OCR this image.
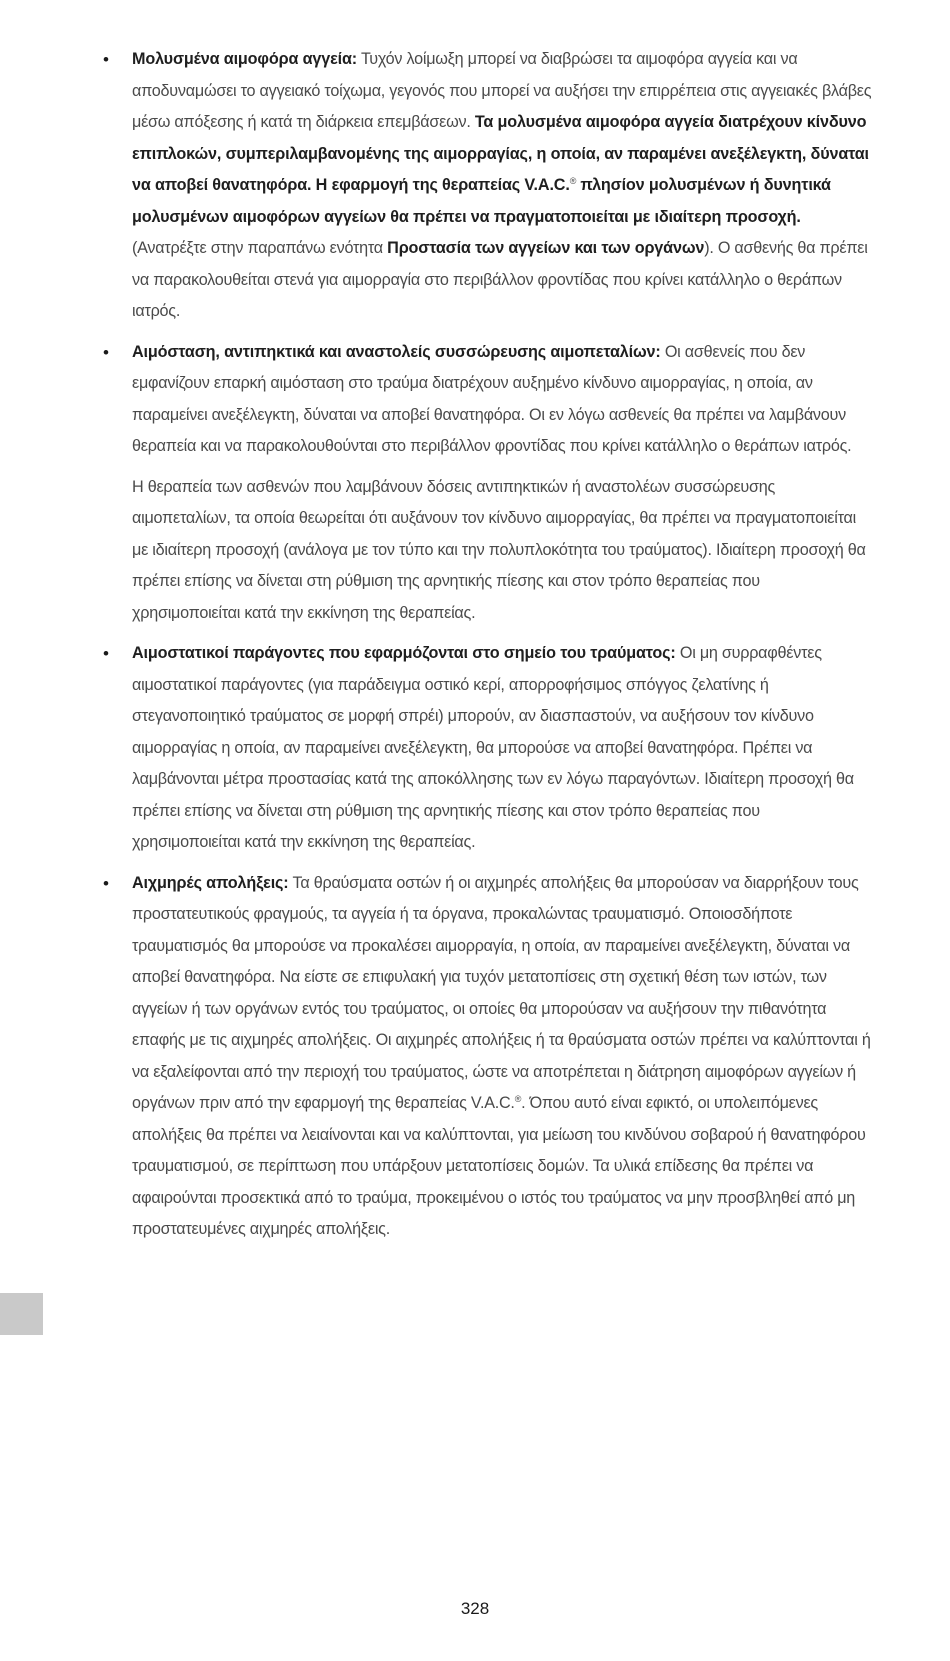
• Μολυσμένα αιμοφόρα αγγεία: Τυχόν λοίμωξη μπορεί να διαβρώσει τα αιμοφόρα αγγεία και να αποδυναμώσει το αγγειακό τοίχωμα, γεγονός που μπορεί να αυξήσει την επιρρέπεια στις αγγειακές βλάβες μέσω απόξεσης ή κατά τη διάρκεια επεμβάσεων. Τα μολυσμένα αιμοφόρα αγγεία διατρέχουν κίνδυνο επιπλοκών, συμπεριλαμβανομένης της αιμορραγίας, η οποία, αν παραμένει ανεξέλεγκτη, δύναται να αποβεί θανατηφόρα. Η εφαρμογή της θεραπείας V.A.C.® πλησίον μολυσμένων ή δυνητικά μολυσμένων αιμοφόρων αγγείων θα πρέπει να πραγματοποιείται με ιδιαίτερη προσοχή. (Ανατρέξτε στην παραπάνω ενότητα Προστασία των αγγείων και των οργάνων). Ο ασθενής θα πρέπει να παρακολουθείται στενά για αιμορραγία στο περιβάλλον φροντίδας που κρίνει κατάλληλο ο θεράπων ιατρός.

• Αιμόσταση, αντιπηκτικά και αναστολείς συσσώρευσης αιμοπεταλίων: Οι ασθενείς που δεν εμφανίζουν επαρκή αιμόσταση στο τραύμα διατρέχουν αυξημένο κίνδυνο αιμορραγίας, η οποία, αν παραμείνει ανεξέλεγκτη, δύναται να αποβεί θανατηφόρα. Οι εν λόγω ασθενείς θα πρέπει να λαμβάνουν θεραπεία και να παρακολουθούνται στο περιβάλλον φροντίδας που κρίνει κατάλληλο ο θεράπων ιατρός.

Η θεραπεία των ασθενών που λαμβάνουν δόσεις αντιπηκτικών ή αναστολέων συσσώρευσης αιμοπεταλίων, τα οποία θεωρείται ότι αυξάνουν τον κίνδυνο αιμορραγίας, θα πρέπει να πραγματοποιείται με ιδιαίτερη προσοχή (ανάλογα με τον τύπο και την πολυπλοκότητα του τραύματος). Ιδιαίτερη προσοχή θα πρέπει επίσης να δίνεται στη ρύθμιση της αρνητικής πίεσης και στον τρόπο θεραπείας που χρησιμοποιείται κατά την εκκίνηση της θεραπείας.

• Αιμοστατικοί παράγοντες που εφαρμόζονται στο σημείο του τραύματος: Οι μη συρραφθέντες αιμοστατικοί παράγοντες (για παράδειγμα οστικό κερί, απορροφήσιμος σπόγγος ζελατίνης ή στεγανοποιητικό τραύματος σε μορφή σπρέι) μπορούν, αν διασπαστούν, να αυξήσουν τον κίνδυνο αιμορραγίας η οποία, αν παραμείνει ανεξέλεγκτη, θα μπορούσε να αποβεί θανατηφόρα. Πρέπει να λαμβάνονται μέτρα προστασίας κατά της αποκόλλησης των εν λόγω παραγόντων. Ιδιαίτερη προσοχή θα πρέπει επίσης να δίνεται στη ρύθμιση της αρνητικής πίεσης και στον τρόπο θεραπείας που χρησιμοποιείται κατά την εκκίνηση της θεραπείας.

• Αιχμηρές απολήξεις: Τα θραύσματα οστών ή οι αιχμηρές απολήξεις θα μπορούσαν να διαρρήξουν τους προστατευτικούς φραγμούς, τα αγγεία ή τα όργανα, προκαλώντας τραυματισμό. Οποιοσδήποτε τραυματισμός θα μπορούσε να προκαλέσει αιμορραγία, η οποία, αν παραμείνει ανεξέλεγκτη, δύναται να αποβεί θανατηφόρα. Να είστε σε επιφυλακή για τυχόν μετατοπίσεις στη σχετική θέση των ιστών, των αγγείων ή των οργάνων εντός του τραύματος, οι οποίες θα μπορούσαν να αυξήσουν την πιθανότητα επαφής με τις αιχμηρές απολήξεις. Οι αιχμηρές απολήξεις ή τα θραύσματα οστών πρέπει να καλύπτονται ή να εξαλείφονται από την περιοχή του τραύματος, ώστε να αποτρέπεται η διάτρηση αιμοφόρων αγγείων ή οργάνων πριν από την εφαρμογή της θεραπείας V.A.C.®. Όπου αυτό είναι εφικτό, οι υπολειπόμενες απολήξεις θα πρέπει να λειαίνονται και να καλύπτονται, για μείωση του κινδύνου σοβαρού ή θανατηφόρου τραυματισμού, σε περίπτωση που υπάρξουν μετατοπίσεις δομών. Τα υλικά επίδεσης θα πρέπει να αφαιρούνται προσεκτικά από το τραύμα, προκειμένου ο ιστός του τραύματος να μην προσβληθεί από μη προστατευμένες αιχμηρές απολήξεις.

328
